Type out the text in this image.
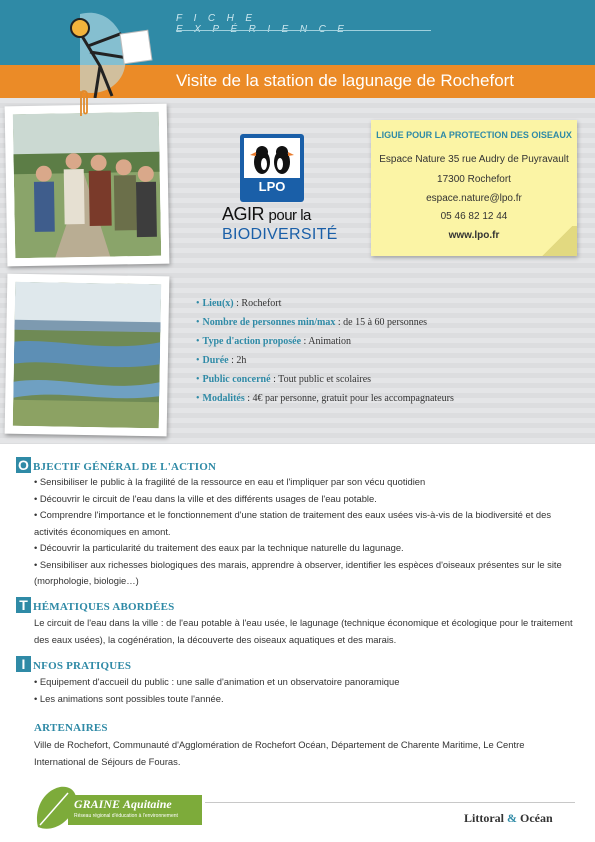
FICHE
Visite de la station de lagunage de Rochefort
LPO
AGIR pour la
BIODIVERSITÉ
LIGUE POUR LA PROTECTION DES OISEAUX
Espace Nature 35 rue Audry de Puyravault
17300 Rochefort
espace.nature@lpo.fr
05 46 82 12 44
www.lpo.fr
• Lieu(x) : Rochefort
• Nombre de personnes min/max : de 15 à 60 personnes
• Type d'action proposée : Animation
• Durée : 2h
• Public concerné : Tout public et scolaires
• Modalités : 4€ par personne, gratuit pour les accompagnateurs
O BJECTIF GÉNÉRAL DE L'ACTION
• Sensibiliser le public à la fragilité de la ressource en eau et l'impliquer par son vécu quotidien
• Découvrir le circuit de l'eau dans la ville et des différents usages de l'eau potable.
• Comprendre l'importance et le fonctionnement d'une station de traitement des eaux usées vis-à-vis de la biodiversité et des activités économiques en amont.
• Découvrir la particularité du traitement des eaux par la technique naturelle du lagunage.
• Sensibiliser aux richesses biologiques des marais, apprendre à observer, identifier les espèces d'oiseaux présentes sur le site (morphologie, biologie…)
T HÉMATIQUES ABORDÉES
Le circuit de l'eau dans la ville : de l'eau potable à l'eau usée, le lagunage (technique économique et écologique pour le traitement des eaux usées), la cogénération, la découverte des oiseaux aquatiques et des marais.
I NFOS PRATIQUES
• Equipement d'accueil du public : une salle d'animation et un observatoire panoramique
• Les animations sont possibles toute l'année.
ARTENAIRES
Ville de Rochefort, Communauté d'Agglomération de Rochefort Océan, Département de Charente Maritime, Le Centre International de Séjours de Fouras.
GRAINE Aquitaine
Réseau régional d'éducation à l'environnement	Littoral & Océan
